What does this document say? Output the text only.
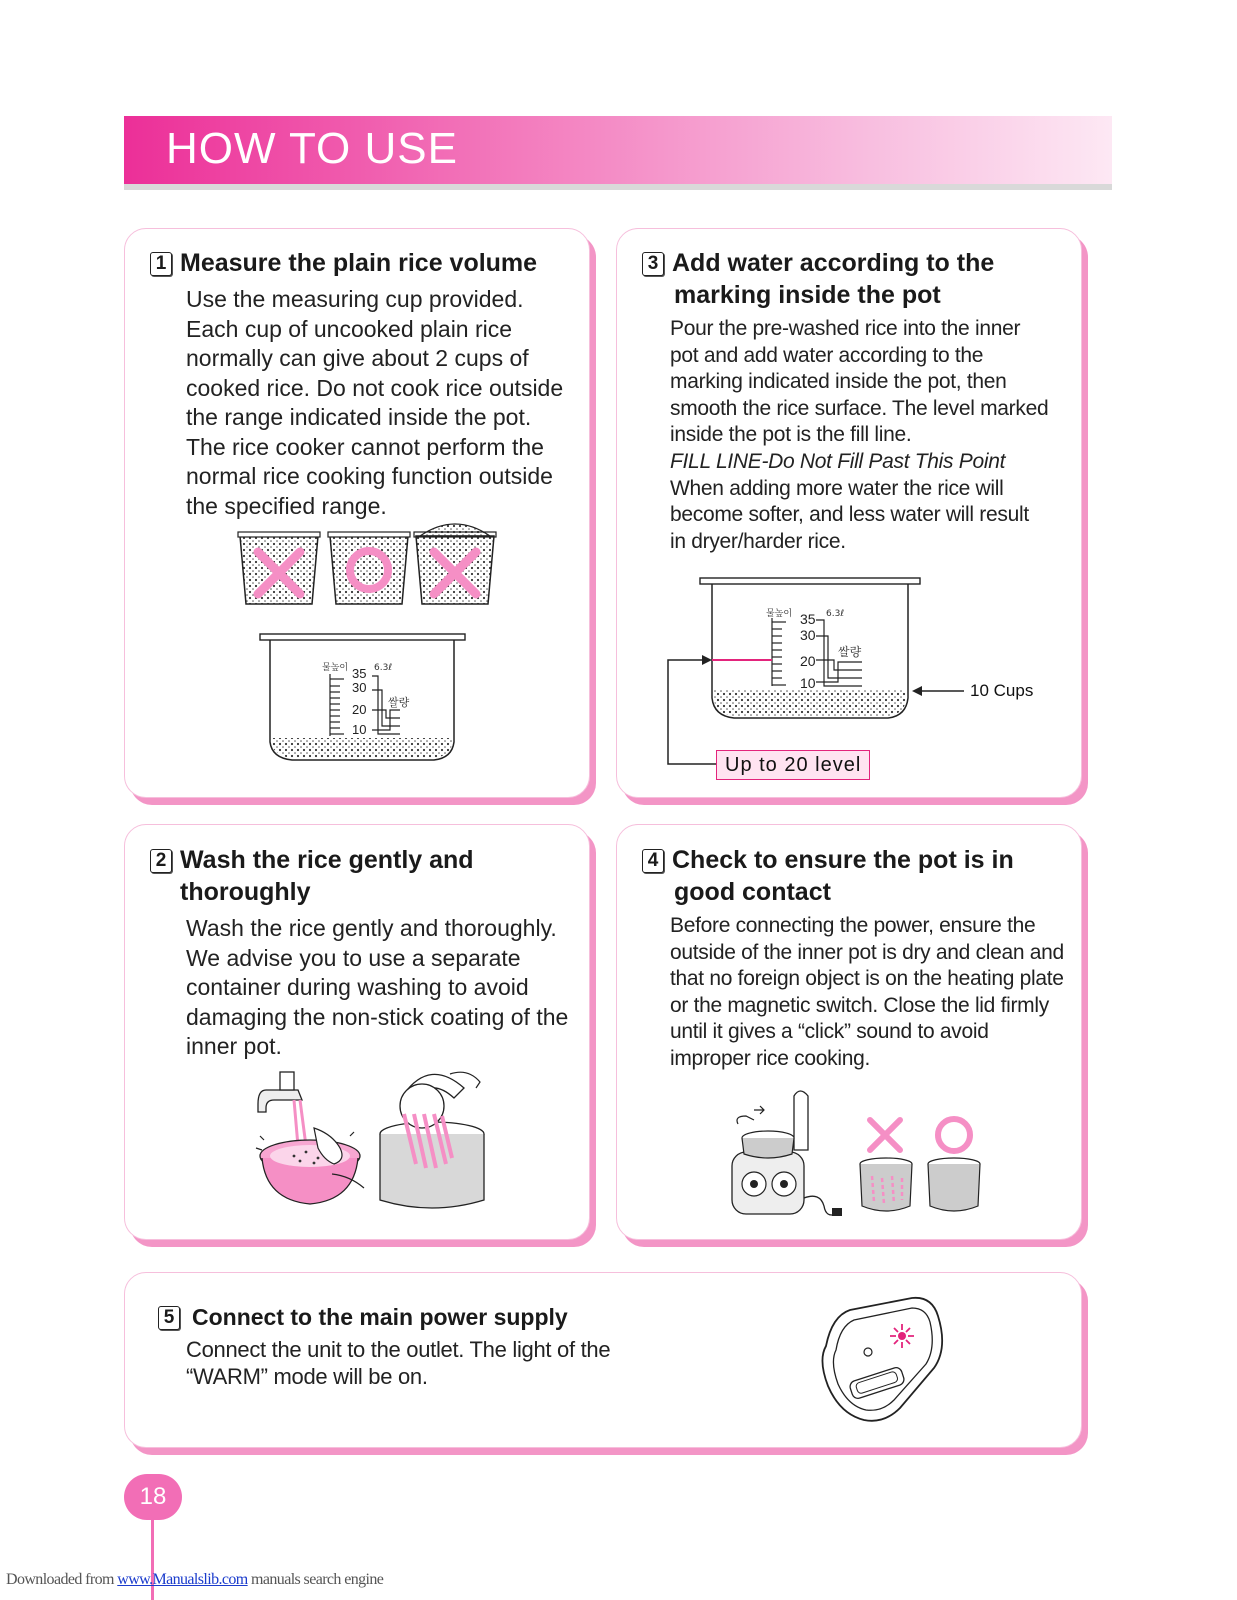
HOW TO USE
1 Measure the plain rice volume

Use the measuring cup provided.

Each cup of uncooked plain rice

normally can give about 2 cups of

cooked rice. Do not cook rice outside

the range indicated inside the pot.

The rice cooker cannot perform the

normal rice cooking function outside

the specified range.

물높이	6.3ℓ
35
30
20
10
쌀량
3 Add water according to the
marking inside the pot

Pour the pre-washed rice into the inner

pot and add water according to the

marking indicated inside the pot, then

smooth the rice surface. The level marked

inside the pot is the fill line.

FILL LINE-Do Not Fill Past This Point

When adding more water the rice will

become softer, and less water will result

in dryer/harder rice.

물높이	6.3ℓ
35
30
20
10
쌀량
Up to 20 level
10 Cups
2 Wash the rice gently and
thoroughly

Wash the rice gently and thoroughly.

We advise you to use a separate

container during washing to avoid

damaging the non-stick coating of the

inner pot.

4 Check to ensure the pot is in
good contact

Before connecting the power, ensure the

outside of the inner pot is dry and clean and

that no foreign object is on the heating plate

or the magnetic switch. Close the lid firmly

until it gives a “click” sound to avoid

improper rice cooking.

5 Connect to the main power supply

Connect the unit to the outlet. The light of the

“WARM” mode will be on.

18
Downloaded from www.Manualslib.com manuals search engine
